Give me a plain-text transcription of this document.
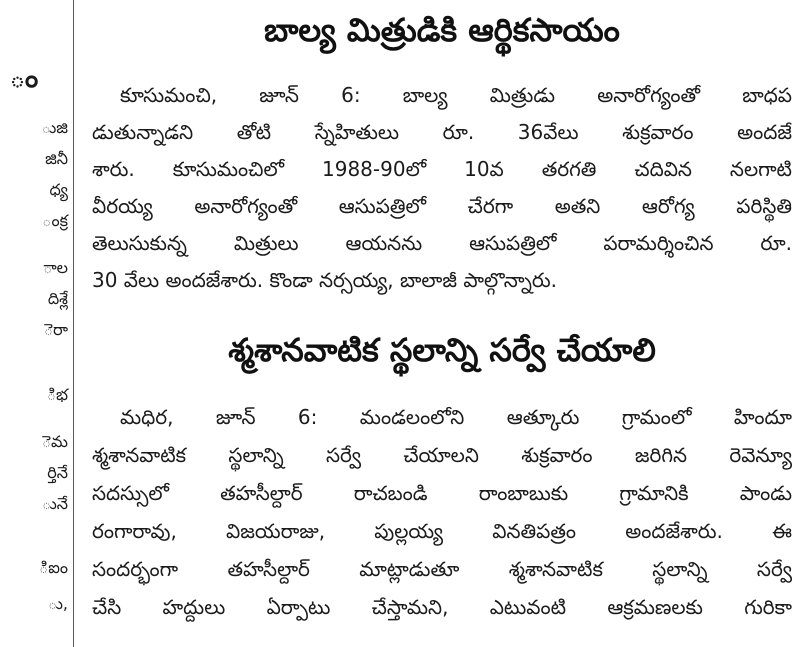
ం
ుజి
జినీ
ధ్య
ంక్ర
ాల
దిశ్లే
ెరా
ిభ
ెమ
ర్తినే
ునే
ిఐం
ు,
బాల్య మిత్రుడికి ఆర్థికసాయం
కూసుమంచి, జూన్ 6: బాల్య మిత్రుడు అనారోగ్యంతో బాధప
డుతున్నాడని తోటి స్నేహితులు రూ. 36వేలు శుక్రవారం అందజే
శారు. కూసుమంచిలో 1988-90లో 10వ తరగతి చదివిన నలగాటి
వీరయ్య అనారోగ్యంతో ఆసుపత్రిలో చేరగా అతని ఆరోగ్య పరిస్థితి
తెలుసుకున్న మిత్రులు ఆయనను ఆసుపత్రిలో పరామర్శించిన రూ.
30 వేలు అందజేశారు. కొండా నర్సయ్య, బాలాజీ పాల్గొన్నారు.
శ్మశానవాటిక స్థలాన్ని సర్వే చేయాలి
మధిర, జూన్ 6: మండలంలోని ఆత్కూరు గ్రామంలో హిందూ
శ్మశానవాటిక స్థలాన్ని సర్వే చేయాలని శుక్రవారం జరిగిన రెవెన్యూ
సదస్సులో తహసీల్దార్ రాచబండి రాంబాబుకు గ్రామానికి పాండు
రంగారావు, విజయరాజు, పుల్లయ్య వినతిపత్రం అందజేశారు. ఈ
సందర్భంగా తహసీల్దార్ మాట్లాడుతూ శ్మశానవాటిక స్థలాన్ని సర్వే
చేసి హద్దులు ఏర్పాటు చేస్తామని, ఎటువంటి ఆక్రమణలకు గురికా
